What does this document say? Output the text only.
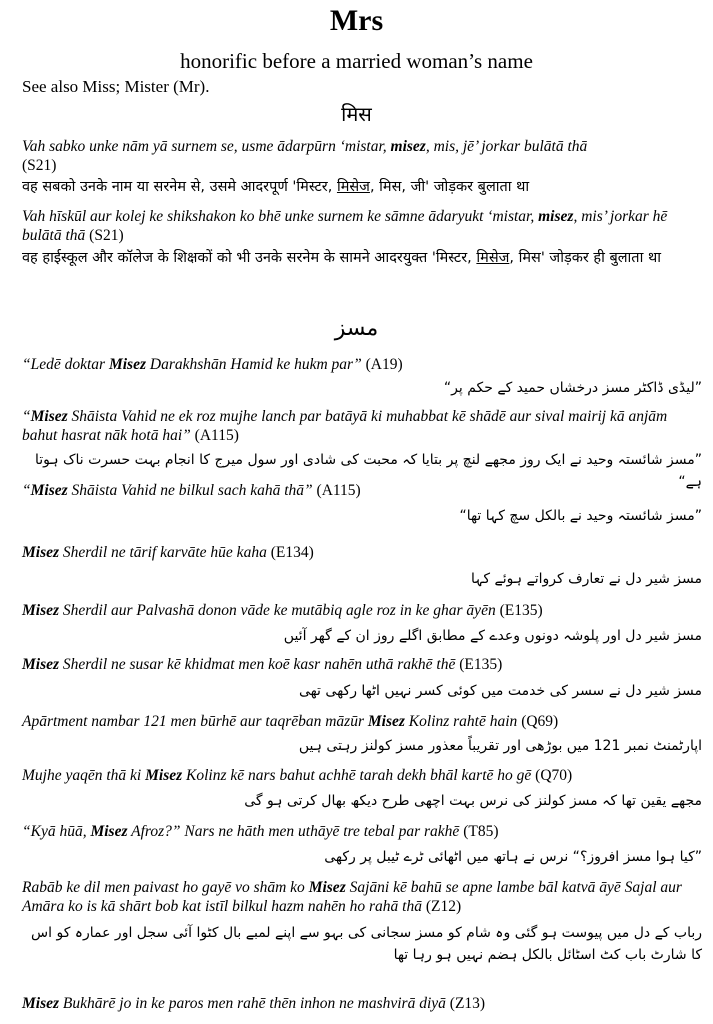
Mrs
honorific before a married woman’s name
See also Miss; Mister (Mr).
मिस
Vah sabko unke nām yā surnem se, usme ādarpūrn ‘mistar, misez, mis, jē’ jorkar bulātā thā
(S21)
वह सबको उनके नाम या सरनेम से, उसमे आदरपूर्ण 'मिस्टर, मिसेज, मिस, जी' जोड़कर बुलाता था
Vah hīskūl aur kolej ke shikshakon ko bhē unke surnem ke sāmne ādaryukt ‘mistar, misez, mis’ jorkar hē bulātā thā (S21)
वह हाईस्कूल और कॉलेज के शिक्षकों को भी उनके सरनेम के सामने आदरयुक्त 'मिस्टर, मिसेज, मिस' जोड़कर ही बुलाता था
مسز
“Ledē doktar Misez Darakhshān Hamid ke hukm par” (A19)
”لیڈی ڈاکٹر مسز درخشاں حمید کے حکم پر“
“Misez Shāista Vahid ne ek roz mujhe lanch par batāyā ki muhabbat kē shādē aur sival mairij kā anjām bahut hasrat nāk hotā hai” (A115)
”مسز شائستہ وحید نے ایک روز مجھے لنچ پر بتایا کہ محبت کی شادی اور سول میرج کا انجام بہت حسرت ناک ہوتا ہے“
“Misez Shāista Vahid ne bilkul sach kahā thā” (A115)
”مسز شائستہ وحید نے بالکل سچ کہا تھا“
Misez Sherdil ne tārif karvāte hūe kaha (E134)
مسز شیر دل نے تعارف کرواتے ہوئے کہا
Misez Sherdil aur Palvashā donon vāde ke mutābiq agle roz in ke ghar āyēn (E135)
مسز شیر دل اور پلوشہ دونوں وعدے کے مطابق اگلے روز ان کے گھر آئیں
Misez Sherdil ne susar kē khidmat men koē kasr nahēn uthā rakhē thē (E135)
مسز شیر دل نے سسر کی خدمت میں کوئی کسر نہیں اٹھا رکھی تھی
Apārtment nambar 121 men būrhē aur taqrēban māzūr Misez Kolinz rahtē hain (Q69)
اپارٹمنٹ نمبر 121 میں بوڑھی اور تقریباً معذور مسز کولنز رہتی ہیں
Mujhe yaqēn thā ki Misez Kolinz kē nars bahut achhē tarah dekh bhāl kartē ho gē (Q70)
مجھے یقین تھا کہ مسز کولنز کی نرس بہت اچھی طرح دیکھ بھال کرتی ہو گی
“Kyā hūā, Misez Afroz?” Nars ne hāth men uthāyē tre tebal par rakhē (T85)
”کیا ہوا مسز افروز؟“ نرس نے ہاتھ میں اٹھائی ٹرے ٹیبل پر رکھی
Rabāb ke dil men paivast ho gayē vo shām ko Misez Sajāni kē bahū se apne lambe bāl katvā āyē Sajal aur Amāra ko is kā shārt bob kat istīl bilkul hazm nahēn ho rahā thā (Z12)
رباب کے دل میں پیوست ہو گئی وہ شام کو مسز سجانی کی بہو سے اپنے لمبے بال کٹوا آئی سجل اور عمارہ کو اس کا شارٹ باب کٹ اسٹائل بالکل ہضم نہیں ہو رہا تھا
Misez Bukhārē jo in ke paros men rahē thēn inhon ne mashvirā diyā (Z13)
